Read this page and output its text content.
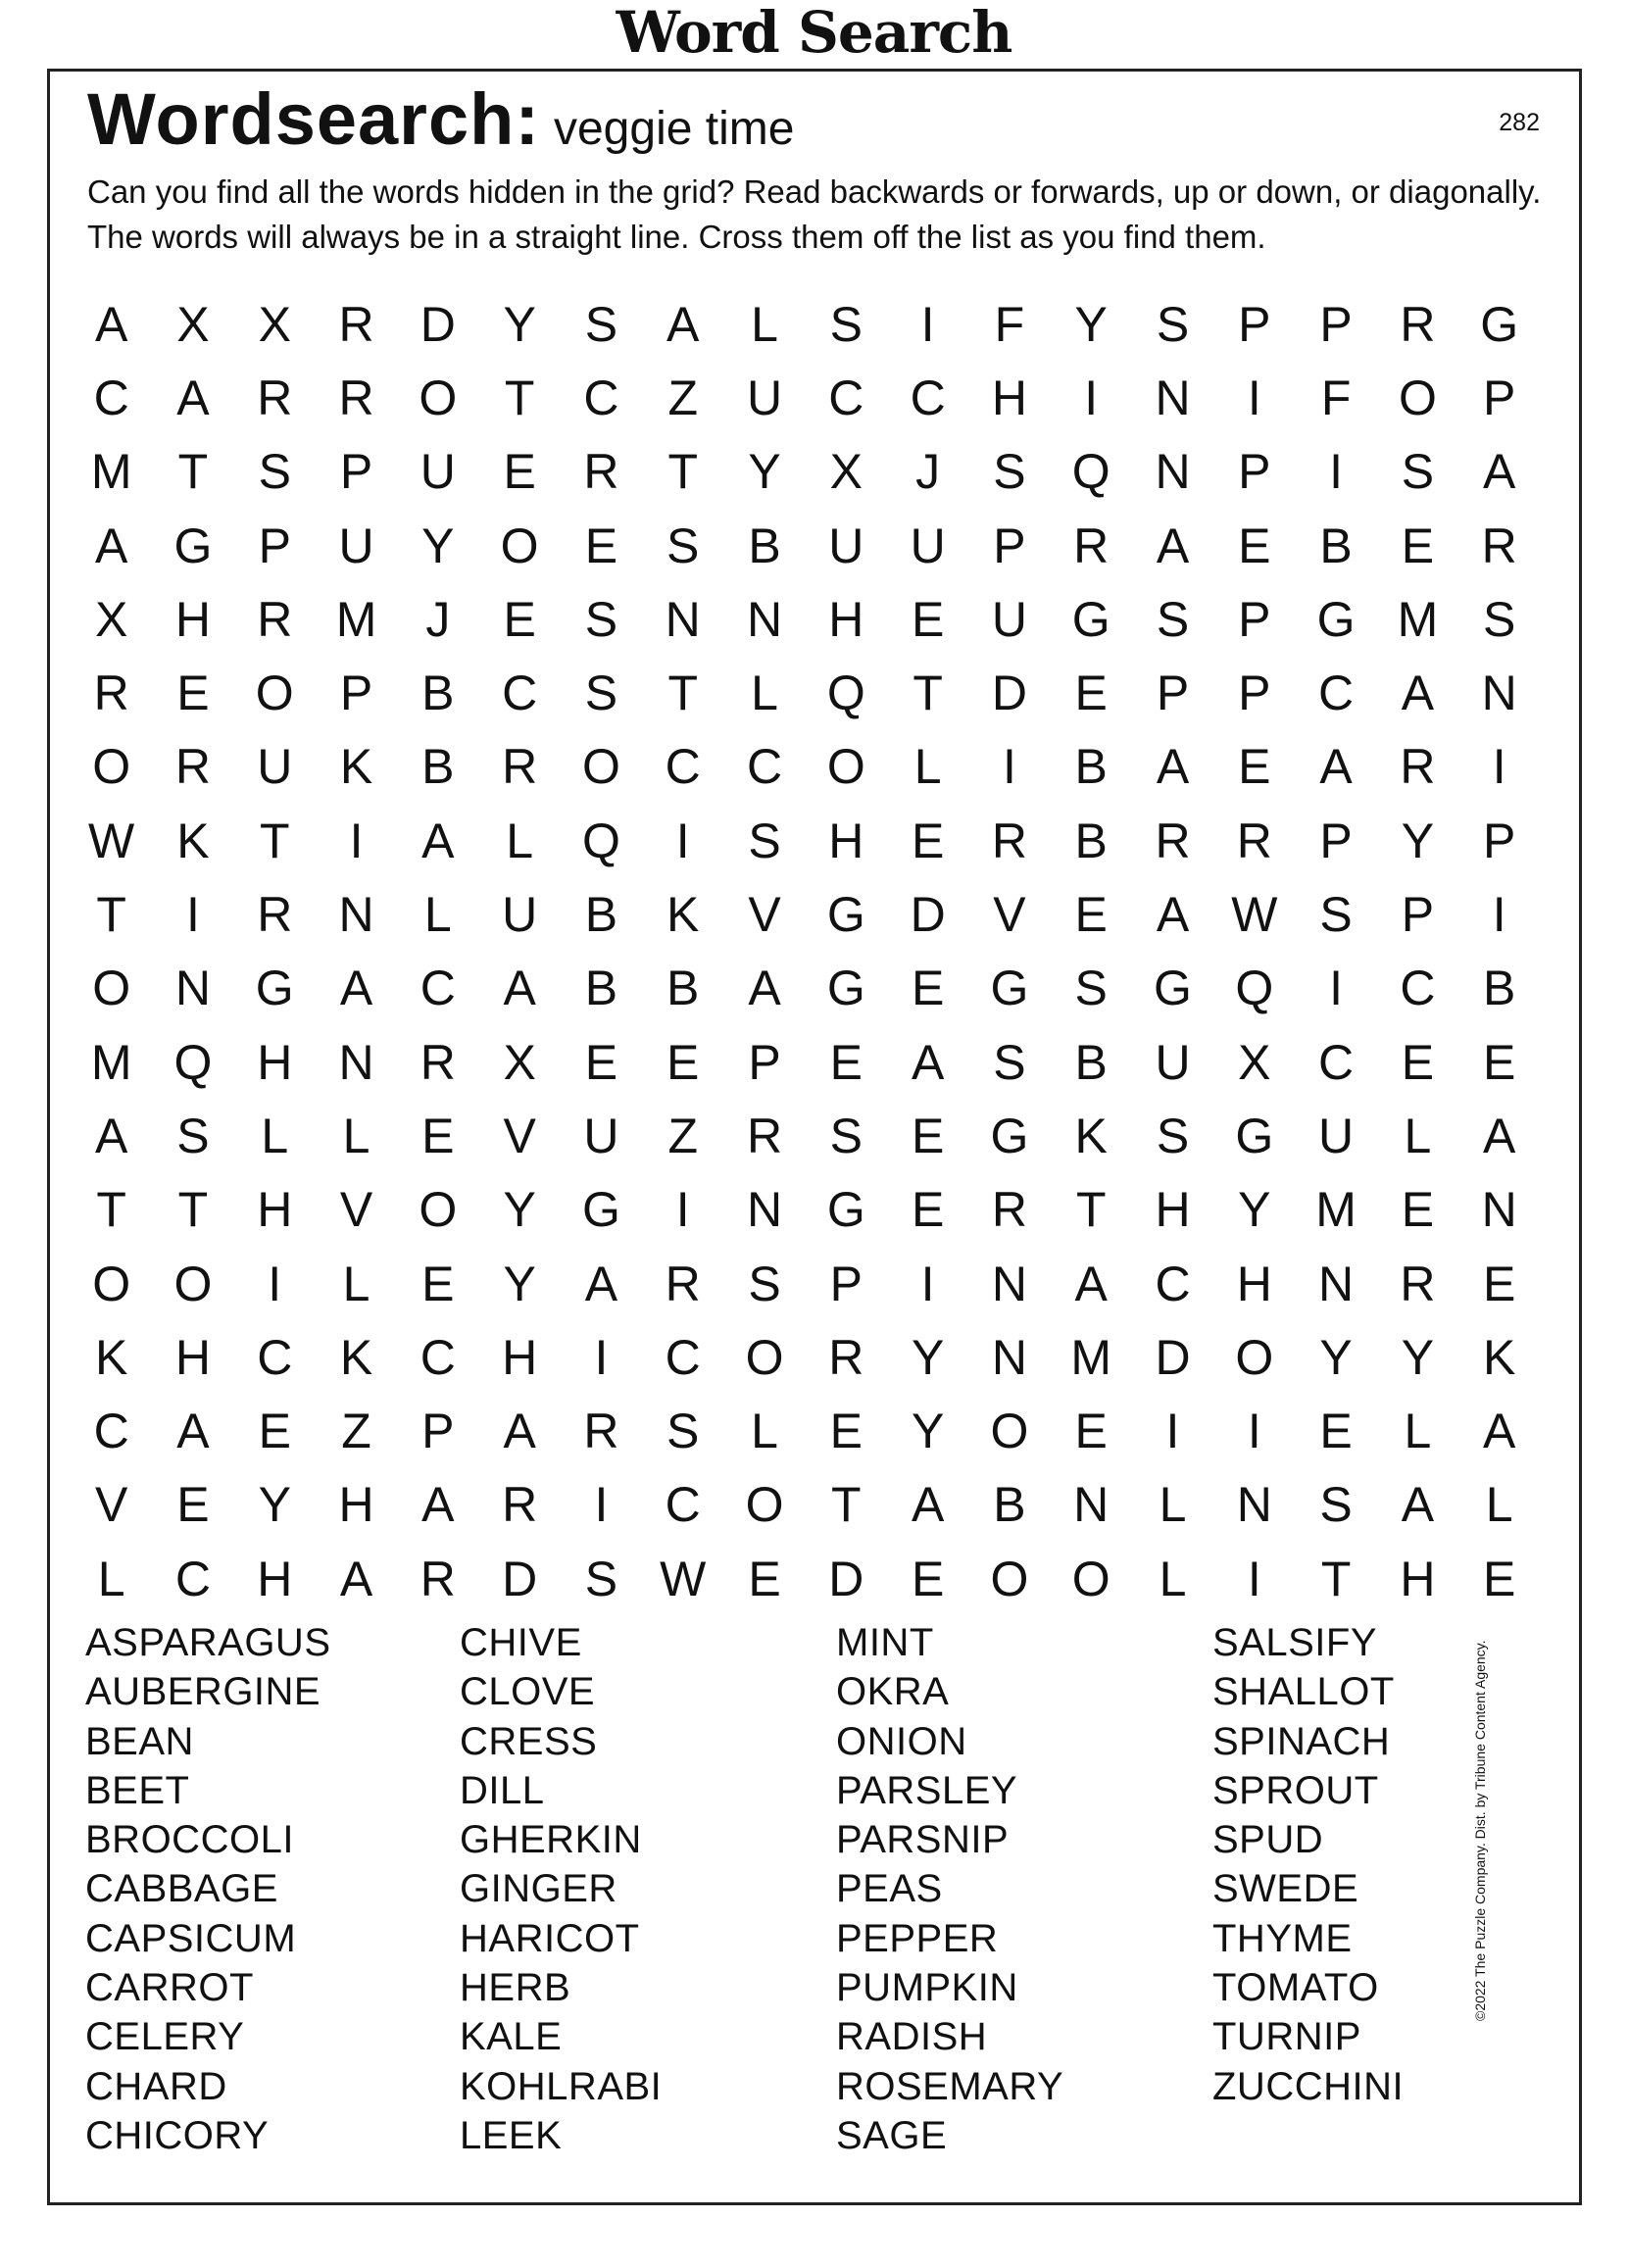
Word Search
Wordsearch: veggie time	282
Can you find all the words hidden in the grid? Read backwards or forwards, up or down, or diagonally. The words will always be in a straight line. Cross them off the list as you find them.
A X X R D Y S A	L	S	I	F	Y S P P R G
C A R R O T C Z U C C H	I	N	I	F O P
M T	S P U E R T	Y X	J	S Q N P	I	S A
A G P U Y O E S B U U P R A E B E R
X H R M J	E S N N H E U G S P G M S
R E O P B C S	T	L Q T D E P P C A N
O R U K B R O C C O L	I	B A E A R	I
W K	T	I	A	L Q	I	S H E R B R R P Y P
T	I	R N	L	U B K V G D V E A W S P	I
O N G A C A B B A G E G S G Q	I	C B
M Q H N R X E E P E A S B U X C E E
A S	L	L	E V U Z R S E G K S G U	L	A
T	T H V O Y G	I	N G E R T H Y M E N
O O	I	L	E Y A R S P	I	N A C H N R E
K H C K C H	I	C O R Y N M D O Y Y K
C A E	Z	P A R S	L	E Y O E	I	I	E	L	A
V E Y H A R	I	C O T	A B N	L	N S A	L
L	C H A R D S W E D E O O L	I	T H E
ASPARAGUS
AUBERGINE
BEAN
BEET
BROCCOLI
CABBAGE
CAPSICUM
CARROT
CELERY
CHARD
CHICORY
CHIVE
CLOVE
CRESS
DILL
GHERKIN
GINGER
HARICOT
HERB
KALE
KOHLRABI
LEEK
MINT
OKRA
ONION
PARSLEY
PARSNIP
PEAS
PEPPER
PUMPKIN
RADISH
ROSEMARY
SAGE
SALSIFY
SHALLOT
SPINACH
SPROUT
SPUD
SWEDE
THYME
TOMATO
TURNIP
ZUCCHINI
©2022 The Puzzle Company. Dist. by Tribune Content Agency.
